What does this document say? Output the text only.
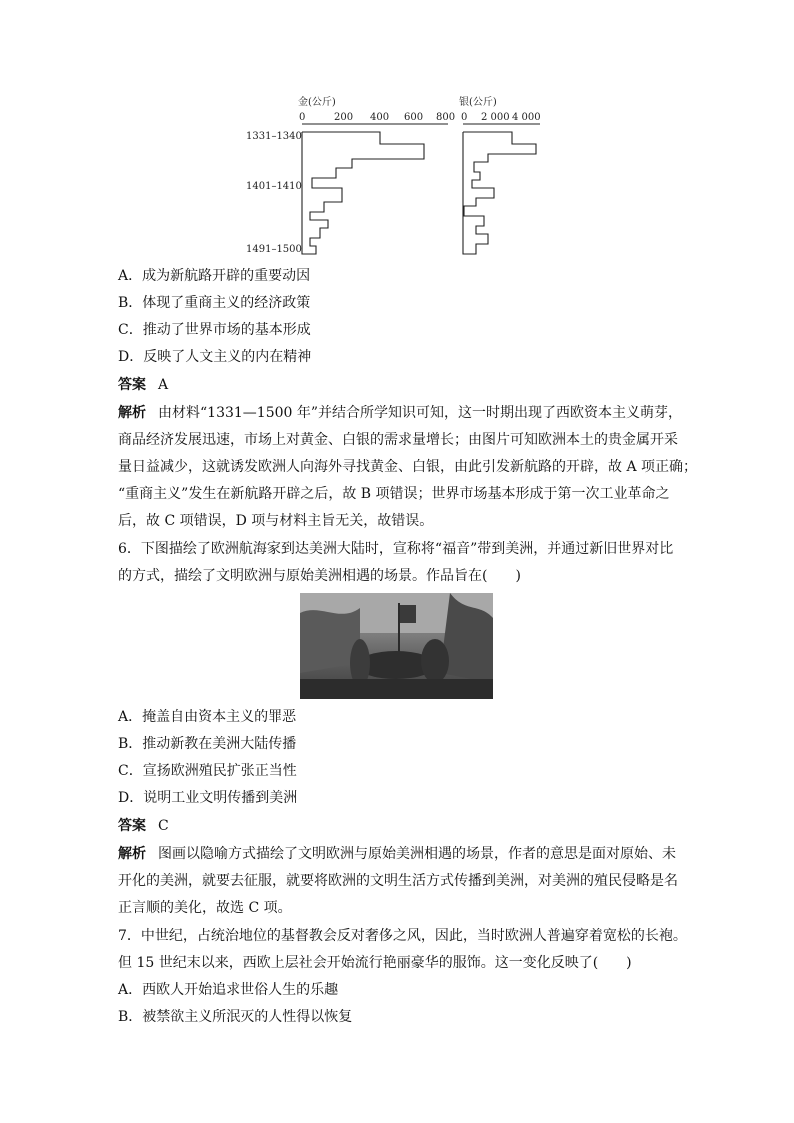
金(公斤)	银(公斤)
0	200 400 600 800 0 2 000 4 000
1331–1340
1401–1410
1491–1500
A．成为新航路开辟的重要动因
B．体现了重商主义的经济政策
C．推动了世界市场的基本形成
D．反映了人文主义的内在精神
答案 A
解析 由材料“1331—1500 年”并结合所学知识可知，这一时期出现了西欧资本主义萌芽，
商品经济发展迅速，市场上对黄金、白银的需求量增长；由图片可知欧洲本土的贵金属开采
量日益减少，这就诱发欧洲人向海外寻找黄金、白银，由此引发新航路的开辟，故 A 项正确；
“重商主义”发生在新航路开辟之后，故 B 项错误；世界市场基本形成于第一次工业革命之
后，故 C 项错误，D 项与材料主旨无关，故错误。
6．下图描绘了欧洲航海家到达美洲大陆时，宣称将“福音”带到美洲，并通过新旧世界对比
的方式，描绘了文明欧洲与原始美洲相遇的场景。作品旨在(　　)
A．掩盖自由资本主义的罪恶
B．推动新教在美洲大陆传播
C．宣扬欧洲殖民扩张正当性
D．说明工业文明传播到美洲
答案 C
解析 图画以隐喻方式描绘了文明欧洲与原始美洲相遇的场景，作者的意思是面对原始、未
开化的美洲，就要去征服，就要将欧洲的文明生活方式传播到美洲，对美洲的殖民侵略是名
正言顺的美化，故选 C 项。
7．中世纪，占统治地位的基督教会反对奢侈之风，因此，当时欧洲人普遍穿着宽松的长袍。
但 15 世纪末以来，西欧上层社会开始流行艳丽豪华的服饰。这一变化反映了(　　)
A．西欧人开始追求世俗人生的乐趣
B．被禁欲主义所泯灭的人性得以恢复
